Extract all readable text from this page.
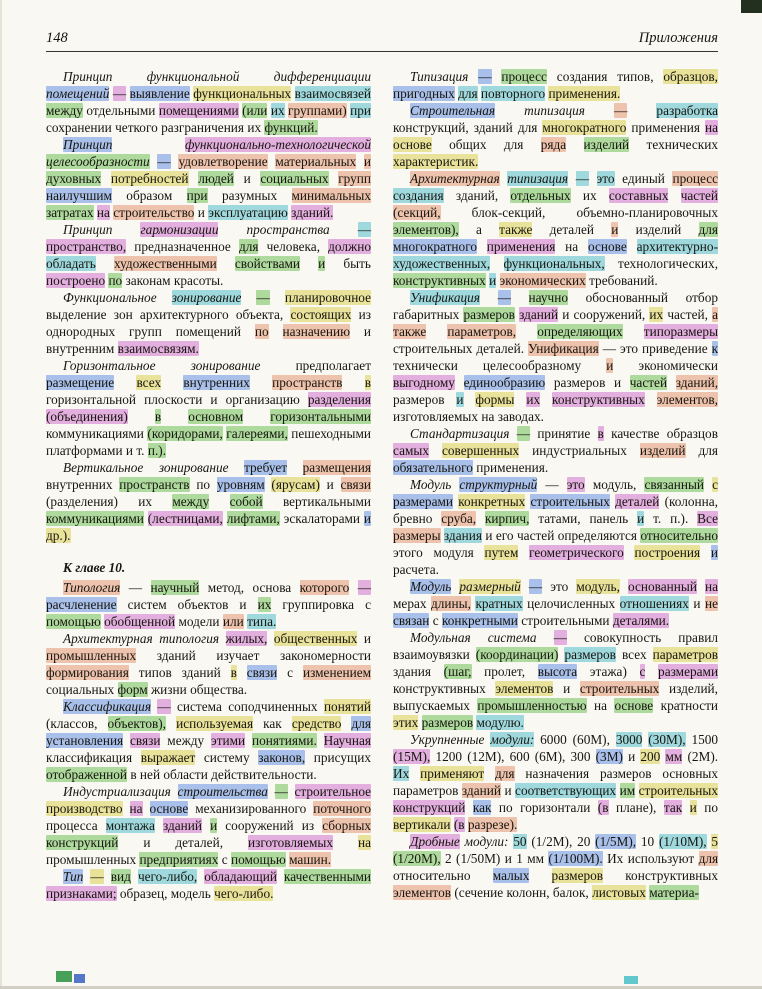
148	Приложения

Принцип	функциональной	дифференциации помещений — выявление функциональных взаимосвязей между отдельными помещениями (или их группами) при сохранении четкого разграничения их функций.

Принцип	функционально-технологической целесообразности — удовлетворение материальных и духовных потребностей людей и социальных групп наилучшим образом при разумных минимальных затратах на строительство и эксплуатацию зданий.

Принцип гармонизации пространства — пространство, предназначенное для человека, должно обладать художественными свойствами и быть построено по законам красоты.

Функциональное зонирование — планировочное выделение зон архитектурного объекта, состоящих из однородных групп помещений по назначению и внутренним взаимосвязям.

Горизонтальное	зонирование	предполагает размещение всех внутренних пространств в горизонтальной плоскости и организацию разделения (объединения) в основном горизонтальными коммуникациями (коридорами, галереями, пешеходными платформами и т. п.).

Вертикальное зонирование требует размещения внутренних пространств по уровням (ярусам) и связи (разделения) их между собой вертикальными коммуникациями (лестницами, лифтами, эскалаторами и др.).

К главе 10.

Типология — научный метод, основа которого — расчленение систем объектов и их группировка с помощью обобщенной модели или типа.

Архитектурная типология жилых, общественных и промышленных зданий изучает закономерности формирования типов зданий в связи с изменением социальных форм жизни общества.

Классификация — система соподчиненных понятий (классов, объектов), используемая как средство для установления связи между этими понятиями. Научная классификация выражает систему законов, присущих отображенной в ней области действительности.

Индустриализация строительства — строительное производство на основе механизированного поточного процесса монтажа зданий и сооружений из сборных конструкций и деталей, изготовляемых на промышленных предприятиях с помощью машин.

Тип — вид чего-либо, обладающий качественными признаками; образец, модель чего-либо.

Типизация — процесс создания типов, образцов, пригодных для повторного применения.

Строительная типизация — разработка конструкций, зданий для многократного применения на основе общих для ряда изделий технических характеристик.

Архитектурная типизация — это единый процесс создания зданий, отдельных их составных частей (секций, блок-секций, объемно-планировочных элементов), а также деталей и изделий для многократного применения на основе архитектурно-художественных, функциональных, технологических, конструктивных и экономических требований.

Унификация — научно обоснованный отбор габаритных размеров зданий и сооружений, их частей, а также параметров, определяющих типоразмеры строительных деталей. Унификация — это приведение к технически целесообразному и экономически выгодному единообразию размеров и частей зданий, размеров и формы их конструктивных элементов, изготовляемых на заводах.

Стандартизация — принятие в качестве образцов самых совершенных индустриальных изделий для обязательного применения.

Модуль структурный — это модуль, связанный с размерами конкретных строительных деталей (колонна, бревно сруба, кирпич, татами, панель и т. п.). Все размеры здания и его частей определяются относительно этого модуля путем геометрического построения и расчета.

Модуль размерный — это модуль, основанный на мерах длины, кратных целочисленных отношениях и не связан с конкретными строительными деталями.

Модульная система — совокупность правил взаимоувязки (координации) размеров всех параметров здания (шаг, пролет, высота этажа) с размерами конструктивных элементов и строительных изделий, выпускаемых промышленностью на основе кратности этих размеров модулю.

Укрупненные модули: 6000 (60М), 3000 (30М), 1500 (15М), 1200 (12М), 600 (6М), 300 (3М) и 200 мм (2М). Их применяют для назначения размеров основных параметров зданий и соответствующих им строительных конструкций как по горизонтали (в плане), так и по вертикали (в разрезе).

Дробные модули: 50 (1/2М), 20 (1/5М), 10 (1/10М), 5 (1/20М), 2 (1/50М) и 1 мм (1/100М). Их используют для относительно малых размеров конструктивных элементов (сечение колонн, балок, листовых материа-
